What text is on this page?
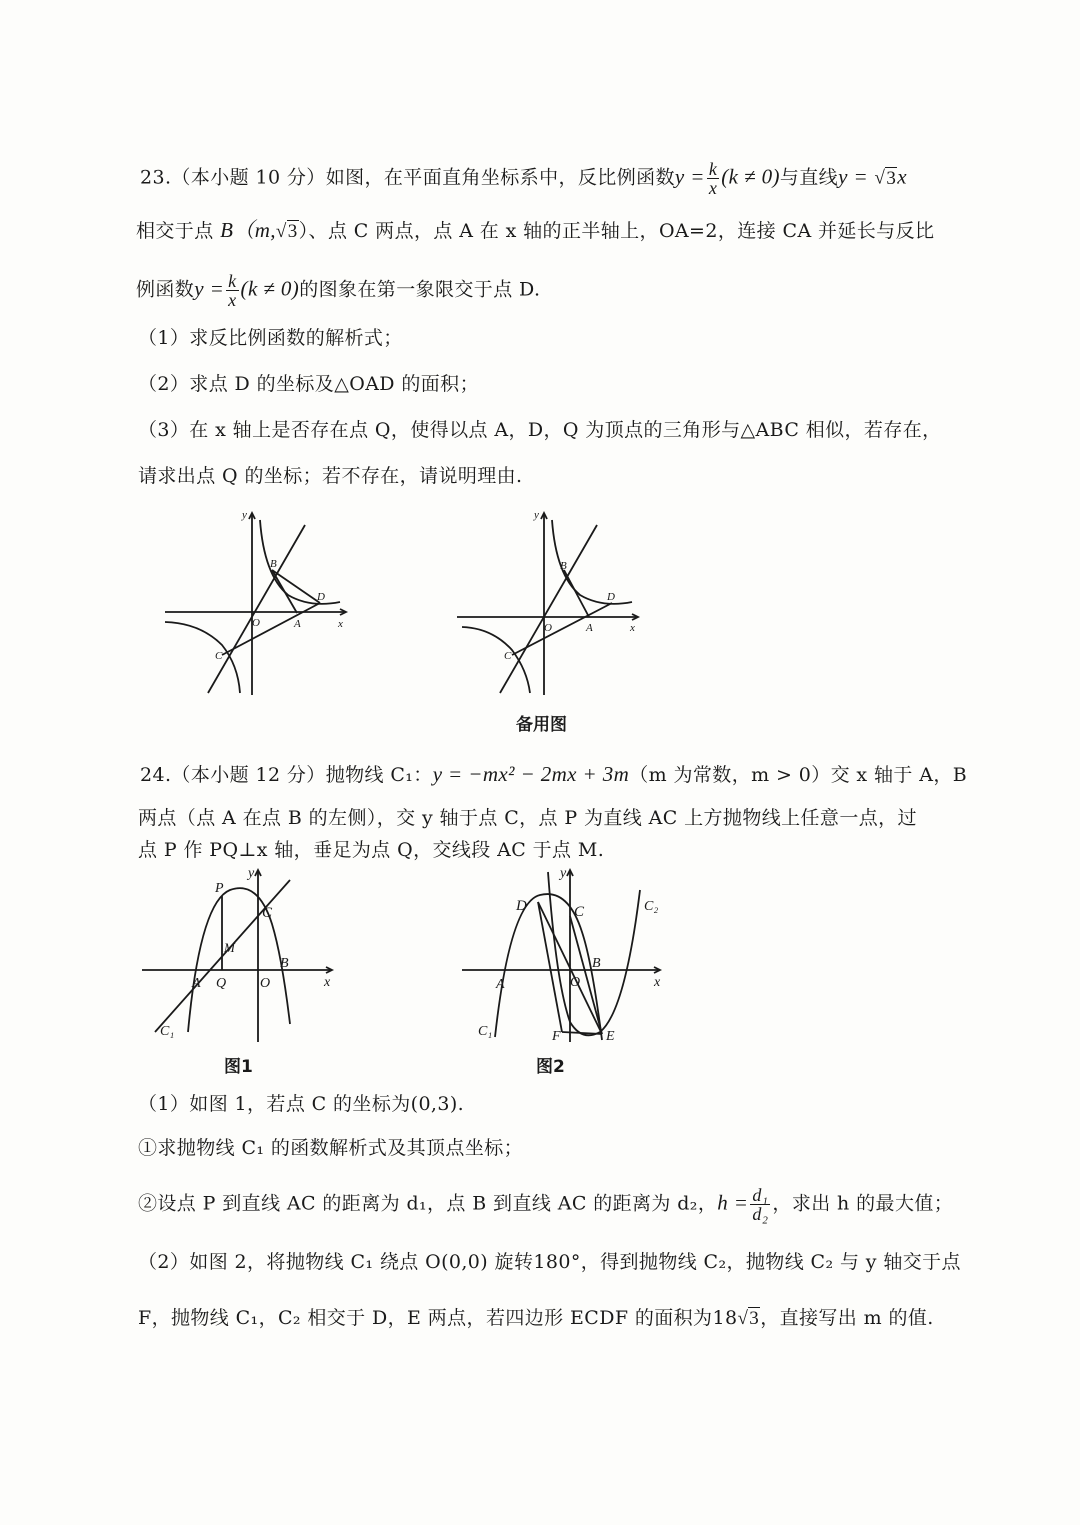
23.（本小题 10 分）如图，在平面直角坐标系中，反比例函数$y = \frac{k}{x} (k \ne 0)$与直线y = √3x
相交于点 B（m,√3）、点 C 两点，点 A 在 x 轴的正半轴上，OA=2，连接 CA 并延长与反比
例函数$y = \frac{k}{x} (k \ne 0)$的图象在第一象限交于点 D.
（1）求反比例函数的解析式；
（2）求点 D 的坐标及△OAD 的面积；
（3）在 x 轴上是否存在点 Q，使得以点 A，D，Q 为顶点的三角形与△ABC 相似，若存在，
请求出点 Q 的坐标；若不存在，请说明理由.
y
x
O	A
B
C
D
y
x
O	A
B
C
D
备用图
24.（本小题 12 分）抛物线 C₁：y = −mx² − 2mx + 3m（m 为常数，m > 0）交 x 轴于 A，B
两点（点 A 在点 B 的左侧），交 y 轴于点 C，点 P 为直线 AC 上方抛物线上任意一点，过
点 P 作 PQ⊥x 轴，垂足为点 Q，交线段 AC 于点 M.
y
x
P
C
M
A Q O
B
C₁
图1
y
x
D	C	C₂
A	O
B
C₁	F	E
图2
（1）如图 1，若点 C 的坐标为(0,3).
①求抛物线 C₁ 的函数解析式及其顶点坐标；
②设点 P 到直线 AC 的距离为 d₁，点 B 到直线 AC 的距离为 d₂，$h = \frac{\text{d₁}}{\text{d₂}}$ ，求出 h 的最大值；
（2）如图 2，将抛物线 C₁ 绕点 O(0,0) 旋转180°，得到抛物线 C₂，抛物线 C₂ 与 y 轴交于点
F，抛物线 C₁，C₂ 相交于 D，E 两点，若四边形 ECDF 的面积为18√3，直接写出 m 的值.
